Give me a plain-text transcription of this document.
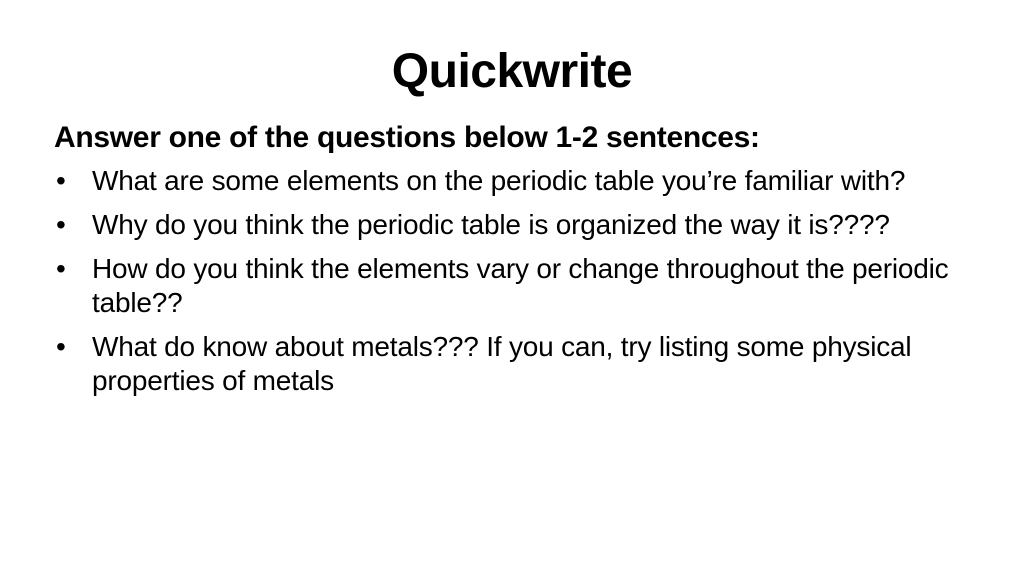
Quickwrite
Answer one of the questions below 1-2 sentences:
• What are some elements on the periodic table you’re familiar with?
• Why do you think the periodic table is organized the way it is????
• How do you think the elements vary or change throughout the periodic table??
• What do know about metals??? If you can, try listing some physical properties of metals
